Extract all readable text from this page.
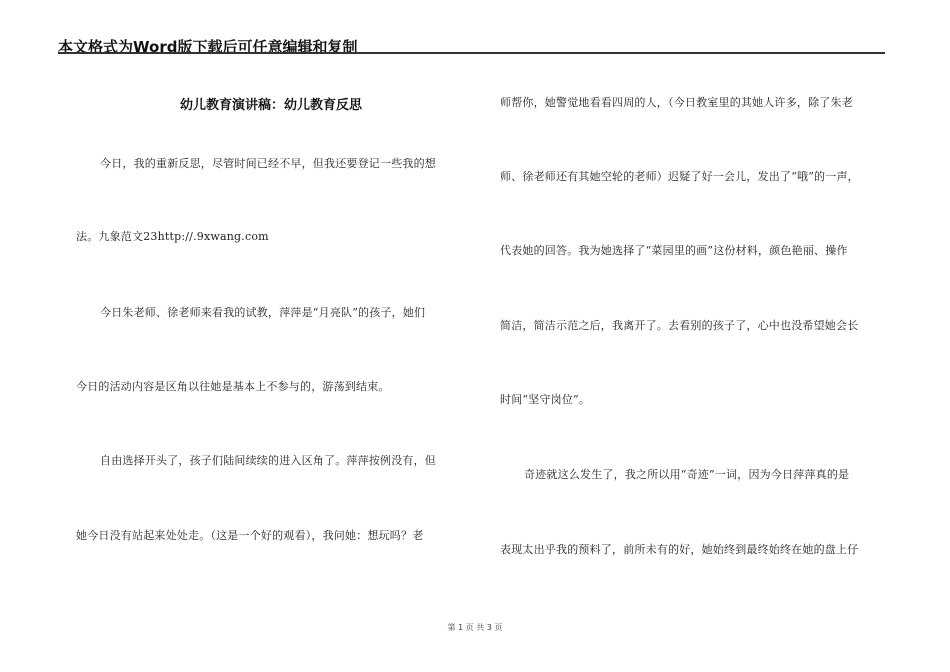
本文格式为Word版下载后可任意编辑和复制
幼儿教育演讲稿：幼儿教育反思
今日，我的重新反思，尽管时间已经不早，但我还要登记一些我的想
法。九象范文23http://.9xwang.com
今日朱老师、徐老师来看我的试教，萍萍是“月亮队”的孩子，她们
今日的活动内容是区角以往她是基本上不参与的，游荡到结束。
自由选择开头了，孩子们陆间续续的进入区角了。萍萍按例没有，但
她今日没有站起来处处走。（这是一个好的观看），我问她：想玩吗？老
师帮你，她警觉地看看四周的人，（今日教室里的其她人许多，除了朱老
师、徐老师还有其她空轮的老师）迟疑了好一会儿，发出了“哦”的一声，
代表她的回答。我为她选择了“菜园里的画”这份材料，颜色艳丽、操作
简洁，简洁示范之后，我离开了。去看别的孩子了，心中也没希望她会长
时间“坚守岗位”。
奇迹就这么发生了，我之所以用“奇迹”一词，因为今日萍萍真的是
表现太出乎我的预料了，前所未有的好，她始终到最终始终在她的盘上仔
第 1 页 共 3 页
